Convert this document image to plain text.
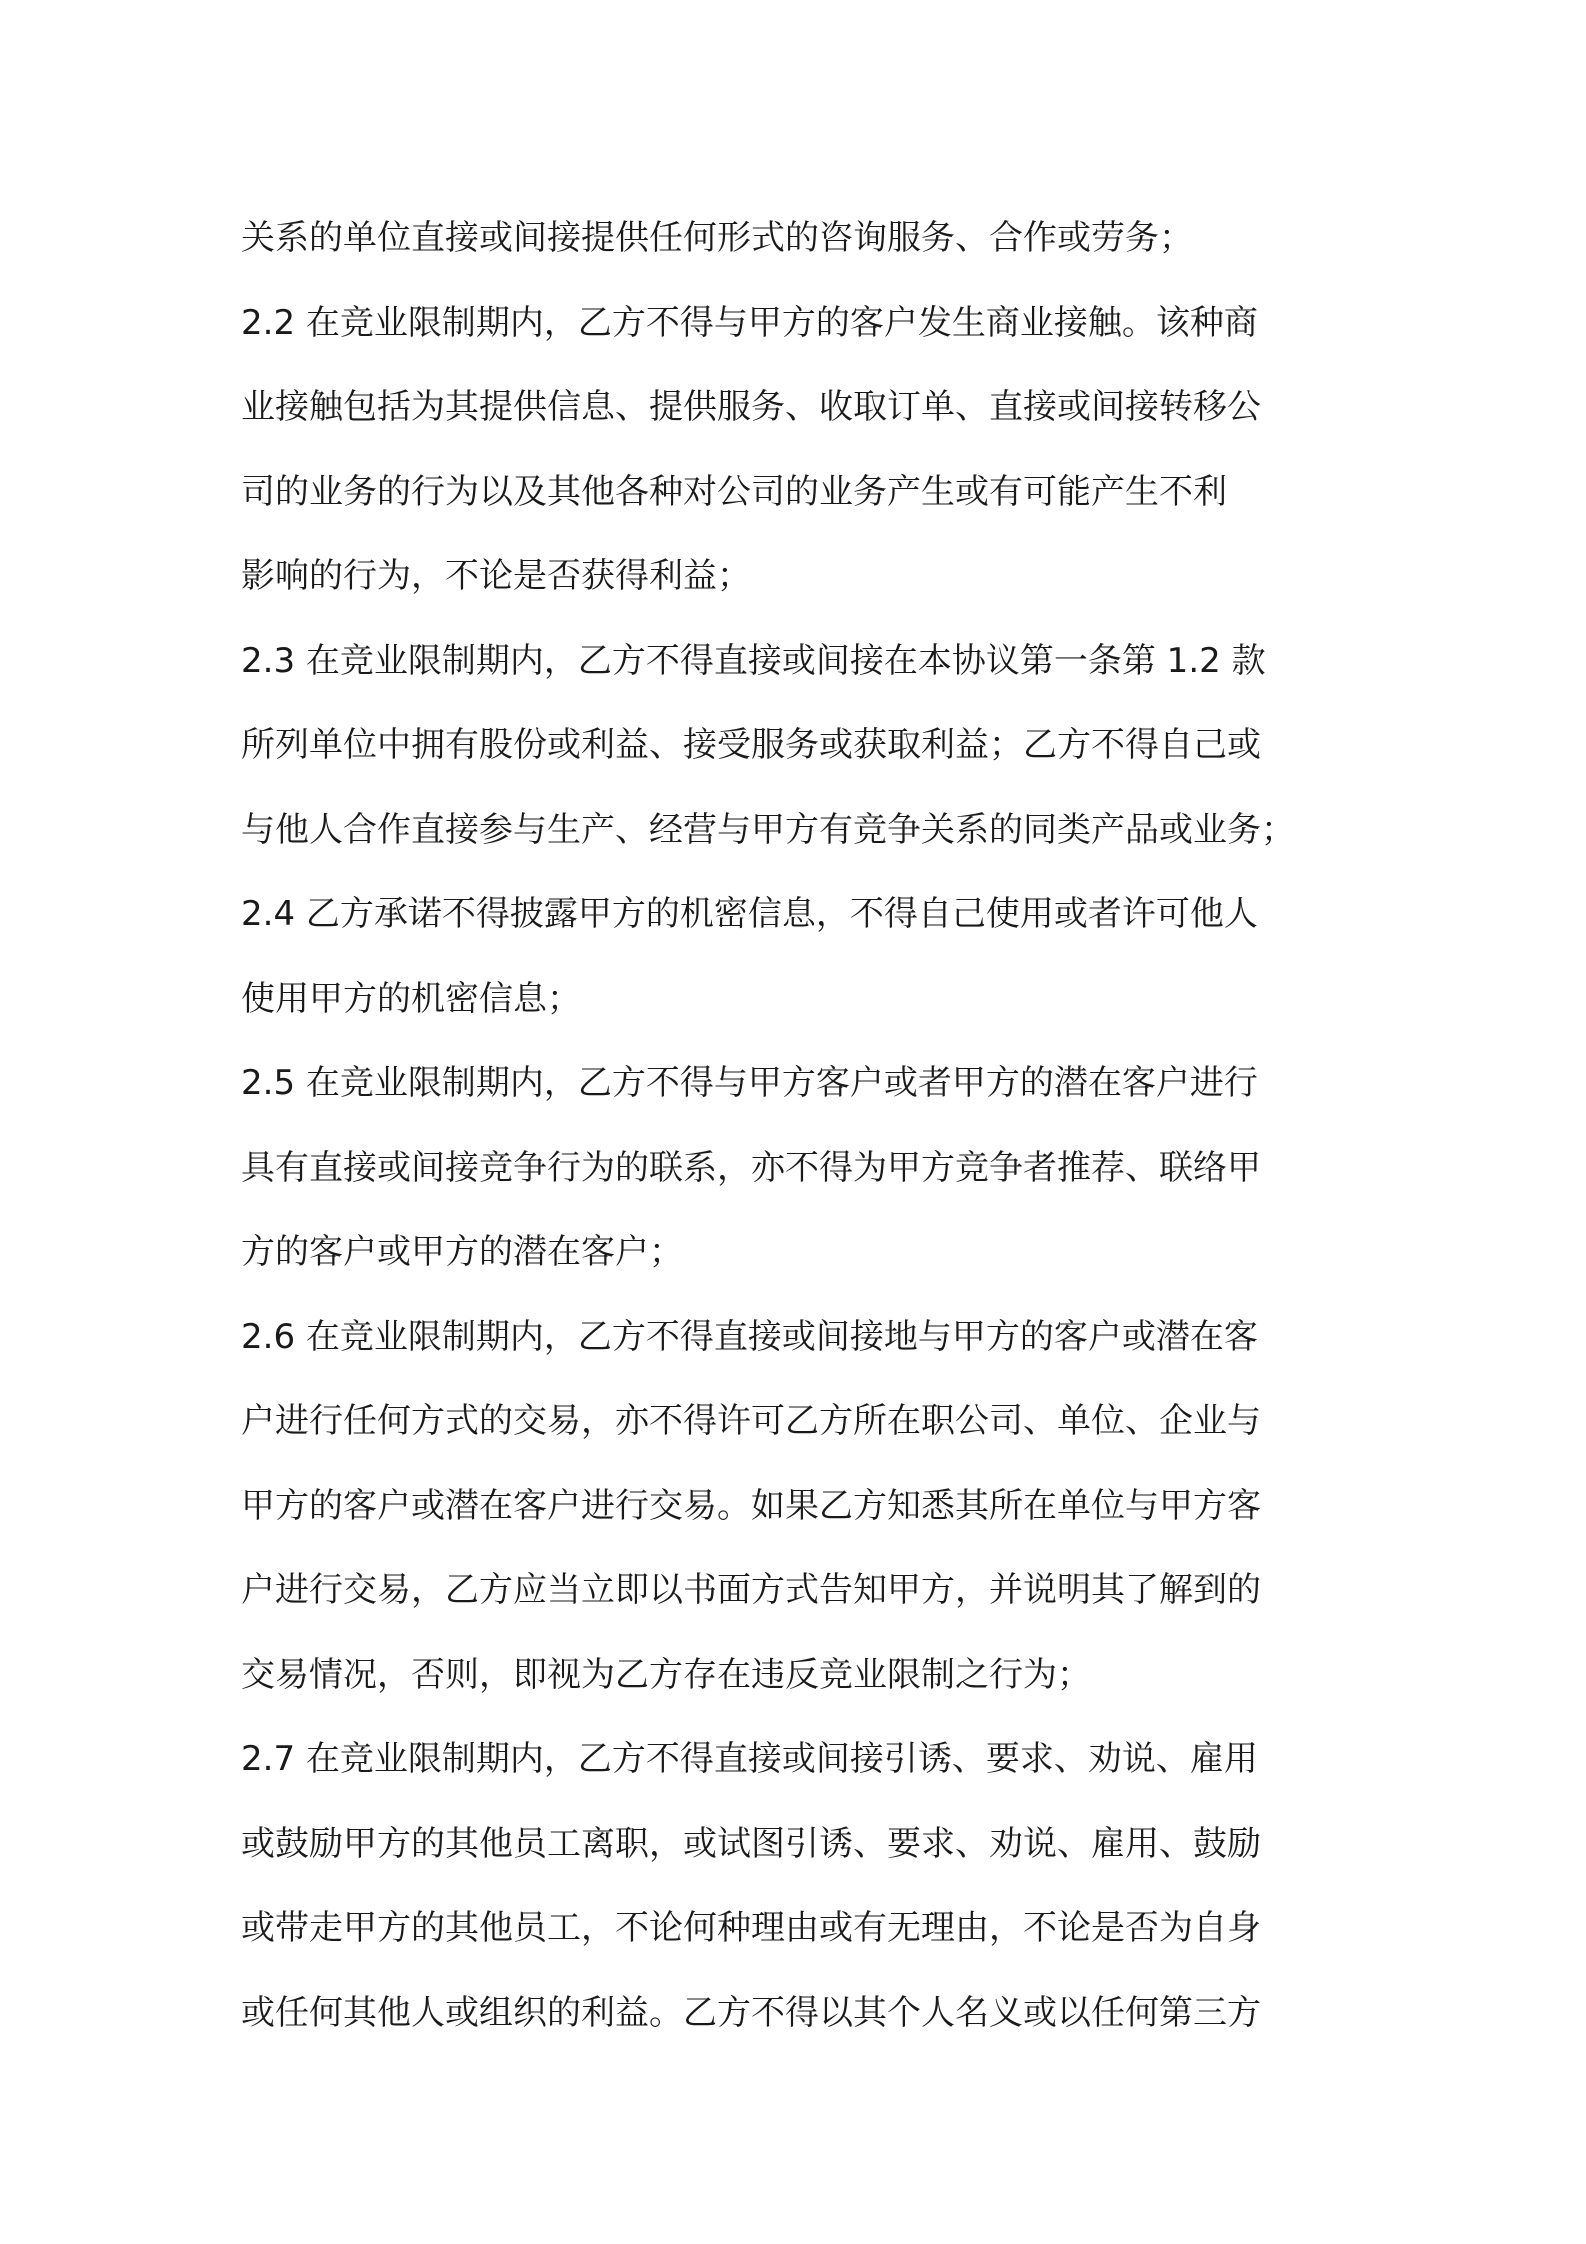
关系的单位直接或间接提供任何形式的咨询服务、合作或劳务；
2.2 在竞业限制期内，乙方不得与甲方的客户发生商业接触。该种商
业接触包括为其提供信息、提供服务、收取订单、直接或间接转移公
司的业务的行为以及其他各种对公司的业务产生或有可能产生不利
影响的行为，不论是否获得利益；
2.3 在竞业限制期内，乙方不得直接或间接在本协议第一条第 1.2 款
所列单位中拥有股份或利益、接受服务或获取利益；乙方不得自己或
与他人合作直接参与生产、经营与甲方有竞争关系的同类产品或业务；
2.4 乙方承诺不得披露甲方的机密信息，不得自己使用或者许可他人
使用甲方的机密信息；
2.5 在竞业限制期内，乙方不得与甲方客户或者甲方的潜在客户进行
具有直接或间接竞争行为的联系，亦不得为甲方竞争者推荐、联络甲
方的客户或甲方的潜在客户；
2.6 在竞业限制期内，乙方不得直接或间接地与甲方的客户或潜在客
户进行任何方式的交易，亦不得许可乙方所在职公司、单位、企业与
甲方的客户或潜在客户进行交易。如果乙方知悉其所在单位与甲方客
户进行交易，乙方应当立即以书面方式告知甲方，并说明其了解到的
交易情况，否则，即视为乙方存在违反竞业限制之行为；
2.7 在竞业限制期内，乙方不得直接或间接引诱、要求、劝说、雇用
或鼓励甲方的其他员工离职，或试图引诱、要求、劝说、雇用、鼓励
或带走甲方的其他员工，不论何种理由或有无理由，不论是否为自身
或任何其他人或组织的利益。乙方不得以其个人名义或以任何第三方
